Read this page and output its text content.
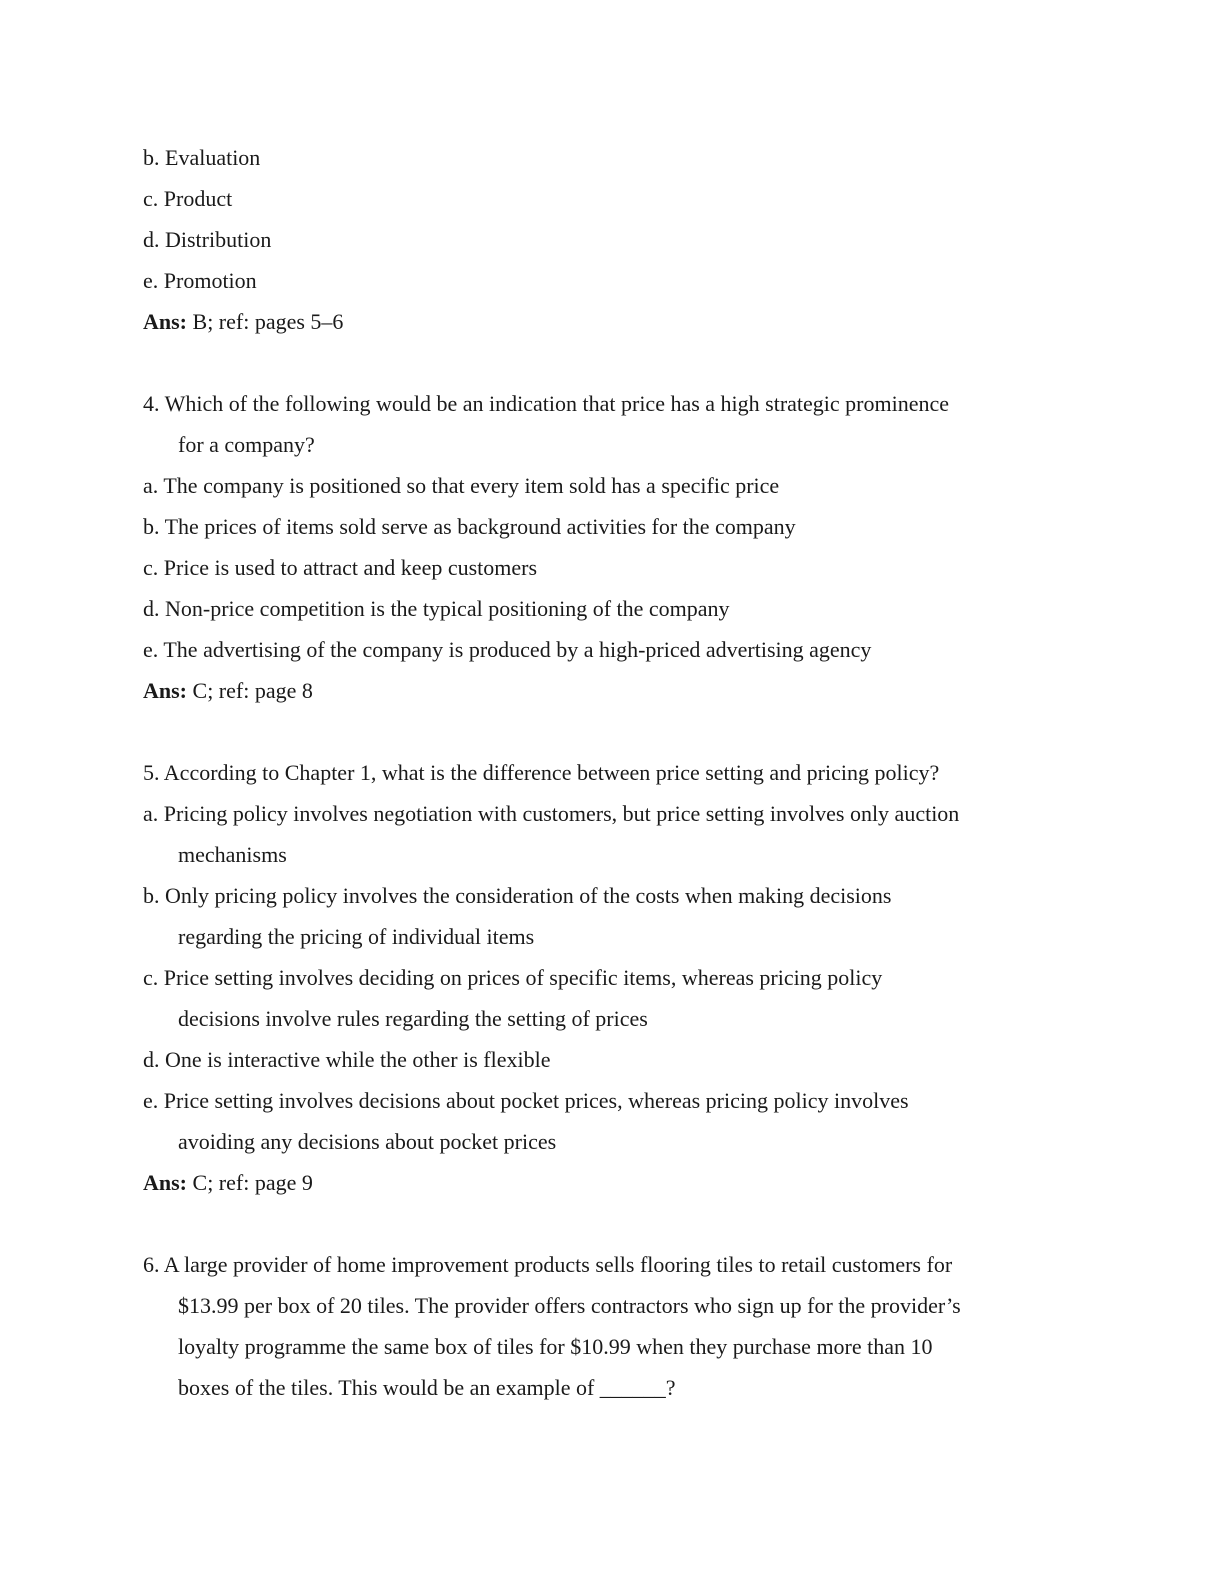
b. Evaluation
c. Product
d. Distribution
e. Promotion
Ans: B; ref: pages 5–6
4. Which of the following would be an indication that price has a high strategic prominence
for a company?
a. The company is positioned so that every item sold has a specific price
b. The prices of items sold serve as background activities for the company
c. Price is used to attract and keep customers
d. Non-price competition is the typical positioning of the company
e. The advertising of the company is produced by a high-priced advertising agency
Ans: C; ref: page 8
5. According to Chapter 1, what is the difference between price setting and pricing policy?
a. Pricing policy involves negotiation with customers, but price setting involves only auction
mechanisms
b. Only pricing policy involves the consideration of the costs when making decisions
regarding the pricing of individual items
c. Price setting involves deciding on prices of specific items, whereas pricing policy
decisions involve rules regarding the setting of prices
d. One is interactive while the other is flexible
e. Price setting involves decisions about pocket prices, whereas pricing policy involves
avoiding any decisions about pocket prices
Ans: C; ref: page 9
6. A large provider of home improvement products sells flooring tiles to retail customers for
$13.99 per box of 20 tiles. The provider offers contractors who sign up for the provider’s
loyalty programme the same box of tiles for $10.99 when they purchase more than 10
boxes of the tiles. This would be an example of ______?
